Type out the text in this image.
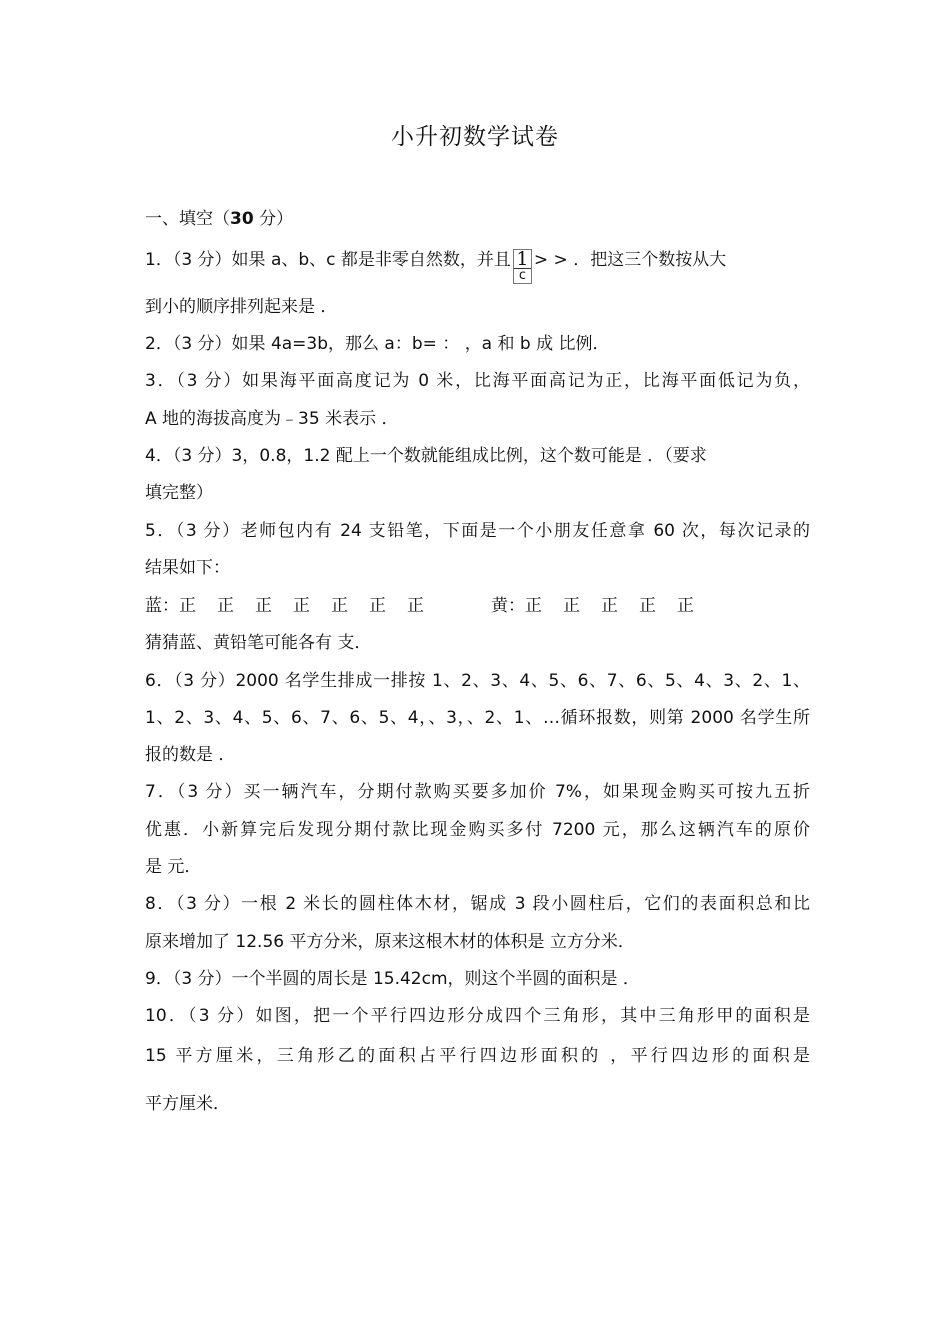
小升初数学试卷
一、填空（30 分）
1．（3 分）如果 a、b、c 都是非零自然数，并且 $\frac{1}{c}$ > > ．把这三个数按从大
到小的顺序排列起来是 ．
2．（3 分）如果 4a=3b，那么 a：b= ： ，a 和 b 成 比例．
3．（3 分）如果海平面高度记为 0 米，比海平面高记为正，比海平面低记为负，
A 地的海拔高度为﹣35 米表示 ．
4．（3 分）3，0.8，1.2 配上一个数就能组成比例，这个数可能是 ．（要求
填完整）
5．（3 分）老师包内有 24 支铅笔，下面是一个小朋友任意拿 60 次，每次记录的
结果如下：
蓝：正 正 正 正 正 正 正	黄：正 正 正 正 正
猜猜蓝、黄铅笔可能各有 支．
6．（3 分）2000 名学生排成一排按 1、2、3、4、5、6、7、6、5、4、3、2、1、
1、2、3、4、5、6、7、6、5、4，、3，、2、1、…循环报数，则第 2000 名学生所
报的数是 ．
7．（3 分）买一辆汽车，分期付款购买要多加价 7%，如果现金购买可按九五折
优惠．小新算完后发现分期付款比现金购买多付 7200 元，那么这辆汽车的原价
是 元．
8．（3 分）一根 2 米长的圆柱体木材，锯成 3 段小圆柱后，它们的表面积总和比
原来增加了 12.56 平方分米，原来这根木材的体积是 立方分米．
9．（3 分）一个半圆的周长是 15.42cm，则这个半圆的面积是 ．
10．（3 分）如图，把一个平行四边形分成四个三角形，其中三角形甲的面积是
15 平方厘米，三角形乙的面积占平行四边形面积的 ，平行四边形的面积是
平方厘米．
